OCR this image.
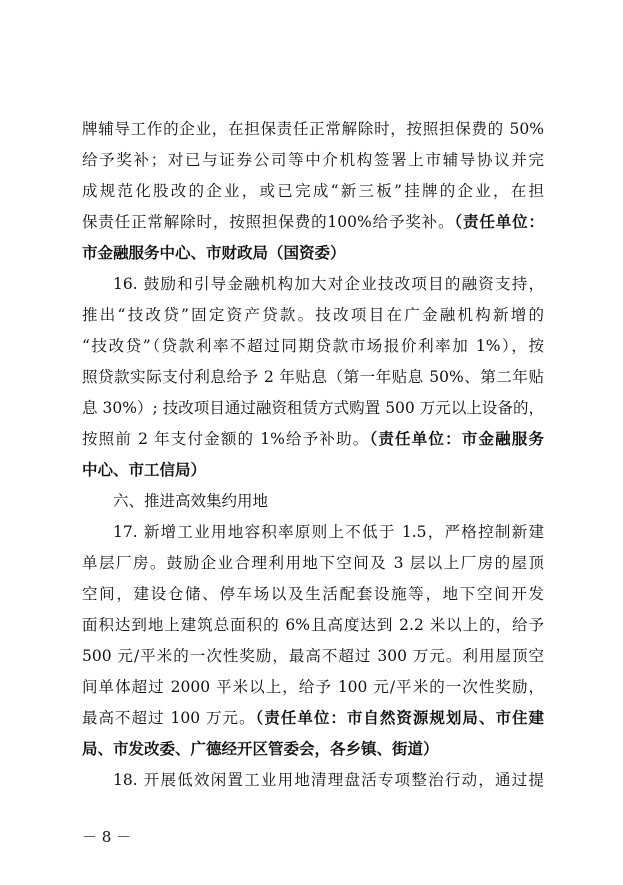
牌辅导工作的企业，在担保责任正常解除时，按照担保费的 50%
给予奖补；对已与证券公司等中介机构签署上市辅导协议并完
成规范化股改的企业，或已完成“新三板”挂牌的企业，在担
保责任正常解除时，按照担保费的100%给予奖补。（责任单位：
市金融服务中心、市财政局（国资委）
16. 鼓励和引导金融机构加大对企业技改项目的融资支持，
推出“技改贷”固定资产贷款。技改项目在广金融机构新增的
“技改贷”（贷款利率不超过同期贷款市场报价利率加 1%），按
照贷款实际支付利息给予 2 年贴息（第一年贴息 50%、第二年贴
息 30%）; 技改项目通过融资租赁方式购置 500 万元以上设备的，
按照前 2 年支付金额的 1%给予补助。（责任单位：市金融服务
中心、市工信局）
六、推进高效集约用地
17. 新增工业用地容积率原则上不低于 1.5，严格控制新建
单层厂房。鼓励企业合理利用地下空间及 3 层以上厂房的屋顶
空间，建设仓储、停车场以及生活配套设施等，地下空间开发
面积达到地上建筑总面积的 6%且高度达到 2.2 米以上的，给予
500 元/平米的一次性奖励，最高不超过 300 万元。利用屋顶空
间单体超过 2000 平米以上，给予 100 元/平米的一次性奖励，
最高不超过 100 万元。（责任单位：市自然资源规划局、市住建
局、市发改委、广德经开区管委会，各乡镇、街道）
18. 开展低效闲置工业用地清理盘活专项整治行动，通过提
－ 8 －
